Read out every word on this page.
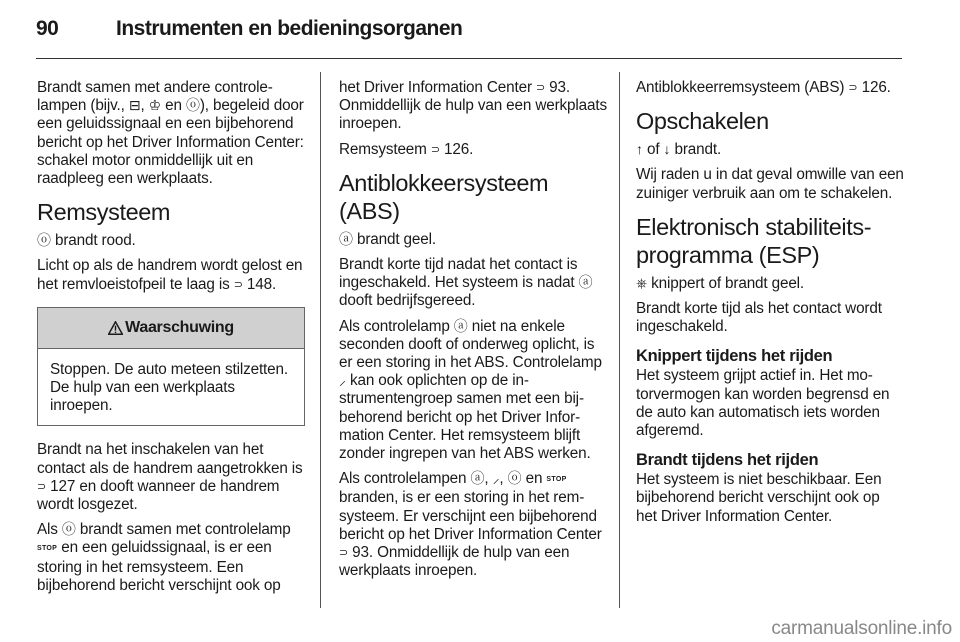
90	Instrumenten en bedieningsorganen

Brandt samen met andere controlelampen (bijv., ⊟, ♔ en ⓞ), begeleid door een geluidssignaal en een bijbehorend bericht op het Driver Information Center: schakel motor onmiddellijk uit en raadpleeg een werkplaats.

Remsysteem

ⓞ brandt rood.

Licht op als de handrem wordt gelost en het remvloeistofpeil te laag is ⊃ 148.

Waarschuwing

Stoppen. De auto meteen stilzetten. De hulp van een werkplaats inroepen.

Brandt na het inschakelen van het contact als de handrem aangetrokken is ⊃ 127 en dooft wanneer de handrem wordt losgezet.

Als ⓞ brandt samen met controlelamp STOP en een geluidssignaal, is er een storing in het remsysteem. Een bijbehorend bericht verschijnt ook op

het Driver Information Center ⊃ 93. Onmiddellijk de hulp van een werkplaats inroepen.

Remsysteem ⊃ 126.

Antiblokkeersysteem (ABS)

ⓐ brandt geel.

Brandt korte tijd nadat het contact is ingeschakeld. Het systeem is nadat ⓐ dooft bedrijfsgereed.

Als controlelamp ⓐ niet na enkele seconden dooft of onderweg oplicht, is er een storing in het ABS. Controlelamp ⸝ kan ook oplichten op de instrumentengroep samen met een bijbehorend bericht op het Driver Information Center. Het remsysteem blijft zonder ingrepen van het ABS werken.

Als controlelampen ⓐ, ⸝, ⓞ en STOP branden, is er een storing in het remsysteem. Er verschijnt een bijbehorend bericht op het Driver Information Center ⊃ 93. Onmiddellijk de hulp van een werkplaats inroepen.

Antiblokkeerremsysteem (ABS) ⊃ 126.

Opschakelen

↑ of ↓ brandt.

Wij raden u in dat geval omwille van een zuiniger verbruik aan om te schakelen.

Elektronisch stabiliteitsprogramma (ESP)

⎈ knippert of brandt geel.

Brandt korte tijd als het contact wordt ingeschakeld.

Knippert tijdens het rijden

Het systeem grijpt actief in. Het motorvermogen kan worden begrensd en de auto kan automatisch iets worden afgeremd.

Brandt tijdens het rijden

Het systeem is niet beschikbaar. Een bijbehorend bericht verschijnt ook op het Driver Information Center.

carmanualsonline.info
